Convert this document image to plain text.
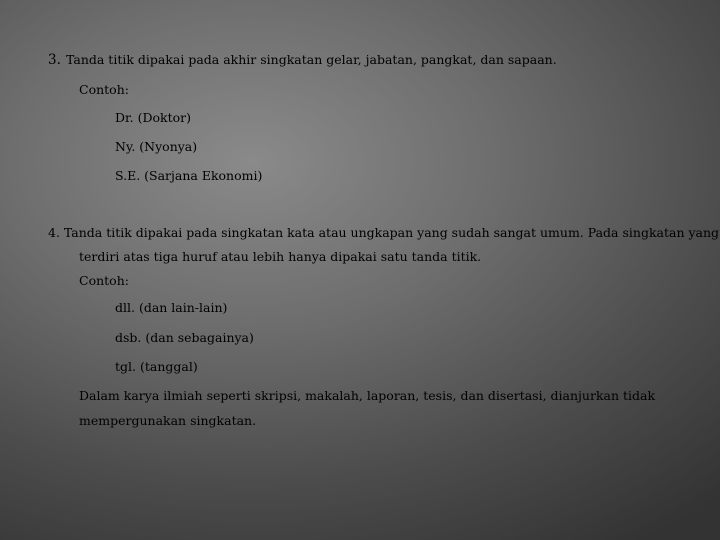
3. Tanda titik dipakai pada akhir singkatan gelar, jabatan, pangkat, dan sapaan.
Contoh:
Dr. (Doktor)
Ny. (Nyonya)
S.E. (Sarjana Ekonomi)
4. Tanda titik dipakai pada singkatan kata atau ungkapan yang sudah sangat umum. Pada singkatan yang
terdiri atas tiga huruf atau lebih hanya dipakai satu tanda titik.
Contoh:
dll. (dan lain-lain)
dsb. (dan sebagainya)
tgl. (tanggal)
Dalam karya ilmiah seperti skripsi, makalah, laporan, tesis, dan disertasi, dianjurkan tidak
mempergunakan singkatan.
